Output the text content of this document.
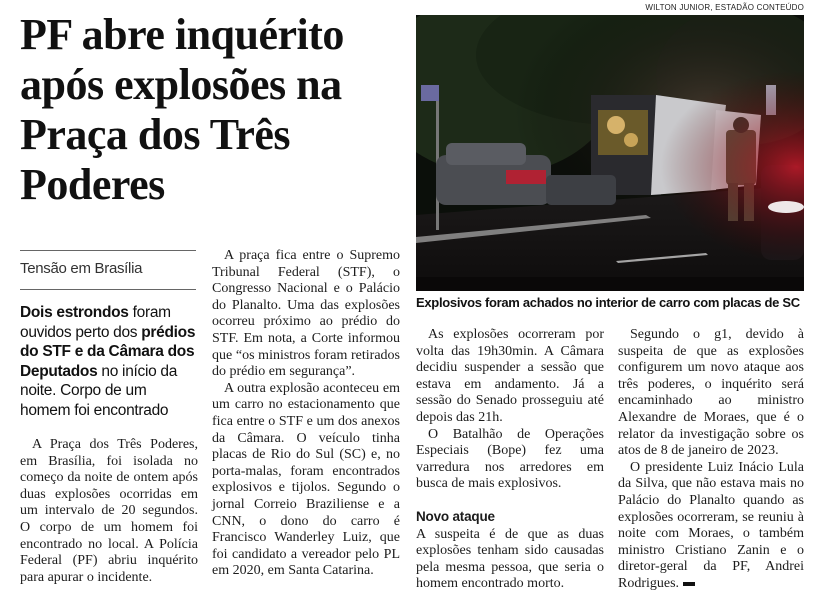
PF abre inquérito após explosões na Praça dos Três Poderes
Tensão em Brasília
Dois estrondos foram ouvidos perto dos prédios do STF e da Câmara dos Deputados no início da noite. Corpo de um homem foi encontrado

A Praça dos Três Poderes, em Brasília, foi isolada no começo da noite de ontem após duas explosões ocorridas em um intervalo de 20 segundos. O corpo de um homem foi encontrado no local. A Polícia Federal (PF) abriu inquérito para apurar o incidente.

A praça fica entre o Supremo Tribunal Federal (STF), o Congresso Nacional e o Palácio do Planalto. Uma das explosões ocorreu próximo ao prédio do STF. Em nota, a Corte informou que “os ministros foram retirados do prédio em segurança”.

A outra explosão aconteceu em um carro no estacionamento que fica entre o STF e um dos anexos da Câmara. O veículo tinha placas de Rio do Sul (SC) e, no porta-malas, foram encontrados explosivos e tijolos. Segundo o jornal Correio Braziliense e a CNN, o dono do carro é Francisco Wanderley Luiz, que foi candidato a vereador pelo PL em 2020, em Santa Catarina.

WILTON JUNIOR, ESTADÃO CONTEÚDO
Explosivos foram achados no interior de carro com placas de SC

As explosões ocorreram por volta das 19h30min. A Câmara decidiu suspender a sessão que estava em andamento. Já a sessão do Senado prosseguiu até depois das 21h.

O Batalhão de Operações Especiais (Bope) fez uma varredura nos arredores em busca de mais explosivos.

Novo ataque

A suspeita é de que as duas explosões tenham sido causadas pela mesma pessoa, que seria o homem encontrado morto.

Segundo o g1, devido à suspeita de que as explosões configurem um novo ataque aos três poderes, o inquérito será encaminhado ao ministro Alexandre de Moraes, que é o relator da investigação sobre os atos de 8 de janeiro de 2023.

O presidente Luiz Inácio Lula da Silva, que não estava mais no Palácio do Planalto quando as explosões ocorreram, se reuniu à noite com Moraes, o também ministro Cristiano Zanin e o diretor-geral da PF, Andrei Rodrigues.
